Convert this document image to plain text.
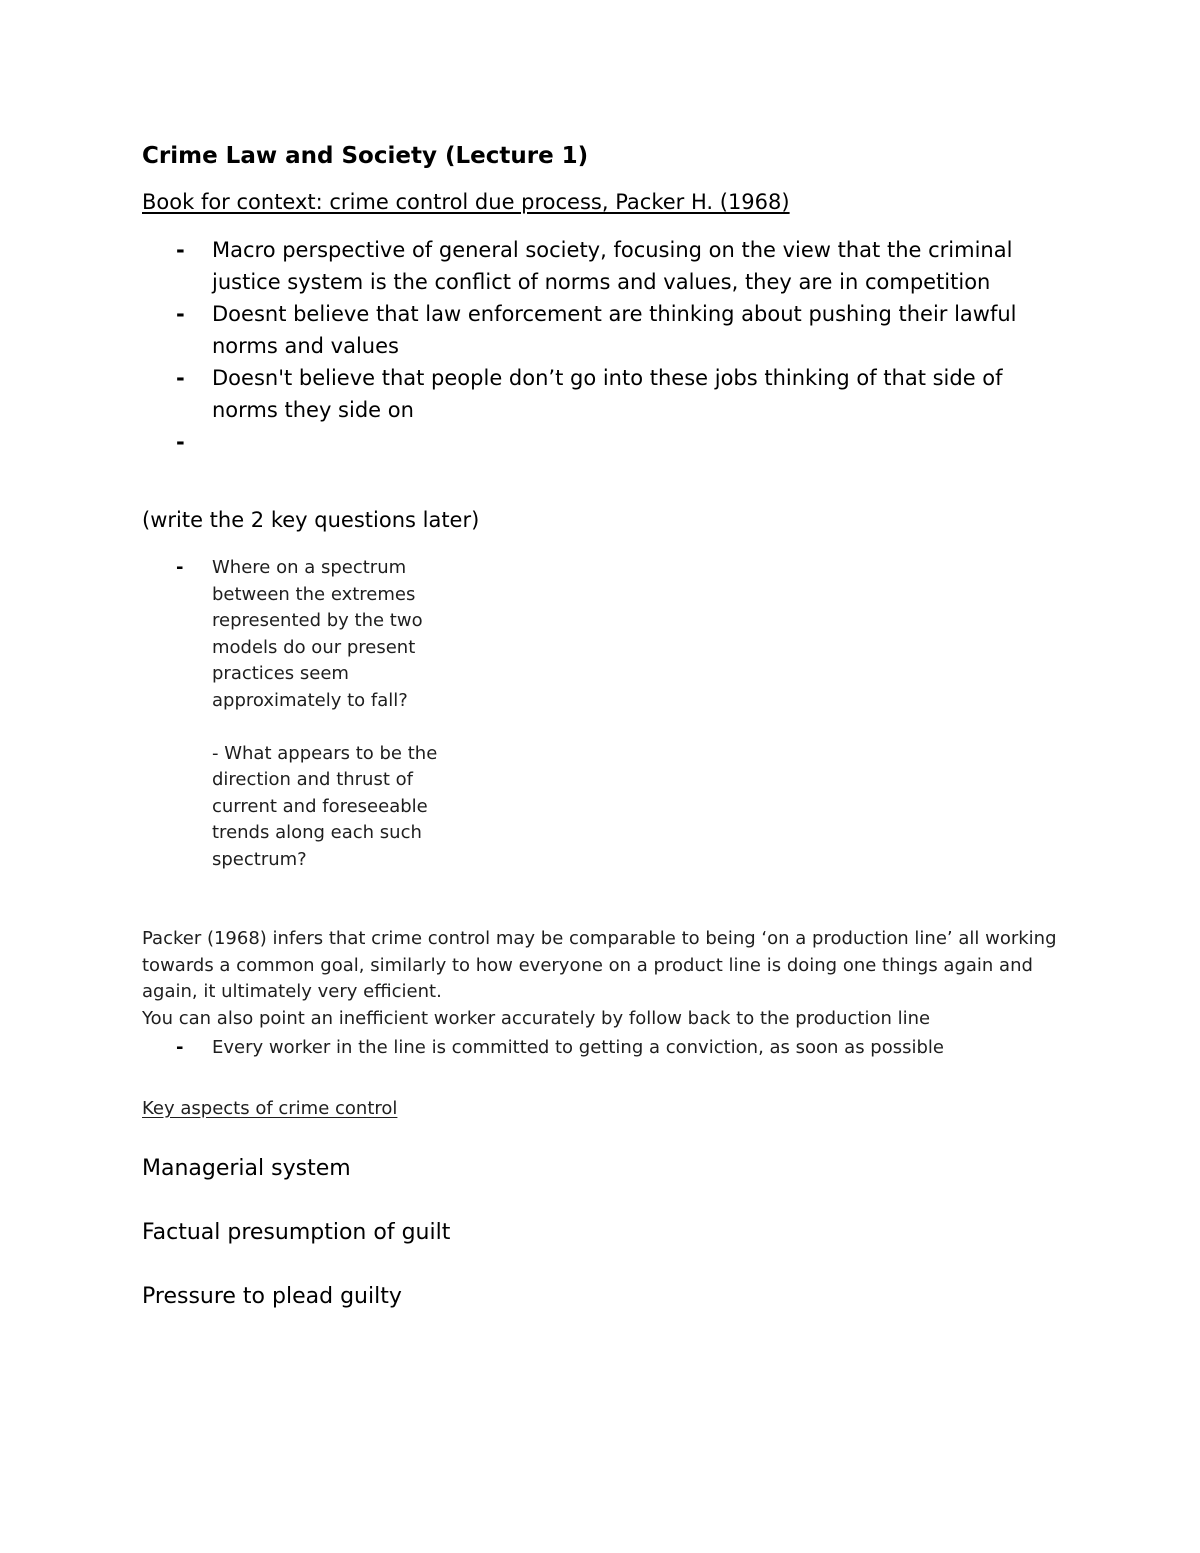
Crime Law and Society (Lecture 1)
Book for context: crime control due process, Packer H. (1968)
- Macro perspective of general society, focusing on the view that the criminal justice system is the conflict of norms and values, they are in competition
- Doesnt believe that law enforcement are thinking about pushing their lawful norms and values
- Doesn't believe that people don’t go into these jobs thinking of that side of norms they side on
-
(write the 2 key questions later)
-	Where on a spectrum
between the extremes
represented by the two
models do our present
practices seem
approximately to fall?

- What appears to be the
direction and thrust of
current and foreseeable
trends along each such
spectrum?

Packer (1968) infers that crime control may be comparable to being ‘on a production line’ all working towards a common goal, similarly to how everyone on a product line is doing one things again and again, it ultimately very efficient.

You can also point an inefficient worker accurately by follow back to the production line

- Every worker in the line is committed to getting a conviction, as soon as possible
Key aspects of crime control
Managerial system
Factual presumption of guilt
Pressure to plead guilty
